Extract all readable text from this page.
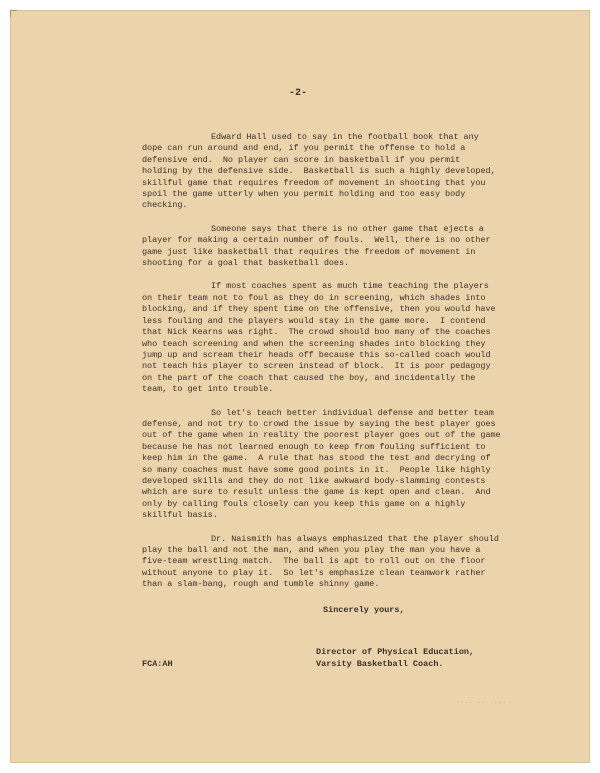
-2-
Edward Hall used to say in the football book that any
dope can run around and end, if you permit the offense to hold a
defensive end.  No player can score in basketball if you permit
holding by the defensive side.  Basketball is such a highly developed,
skillful game that requires freedom of movement in shooting that you
spoil the game utterly when you permit holding and too easy body
checking.
Someone says that there is no other game that ejects a
player for making a certain number of fouls.  Well, there is no other
game just like basketball that requires the freedom of movement in
shooting for a goal that basketball does.
If most coaches spent as much time teaching the players
on their team not to foul as they do in screening, which shades into
blocking, and if they spent time on the offensive, then you would have
less fouling and the players would stay in the game more.  I contend
that Nick Kearns was right.  The crowd should boo many of the coaches
who teach screening and when the screening shades into blocking they
jump up and scream their heads off because this so-called coach would
not teach his player to screen instead of block.  It is poor pedagogy
on the part of the coach that caused the boy, and incidentally the
team, to get into trouble.
So let's teach better individual defense and better team
defense, and not try to crowd the issue by saying the best player goes
out of the game when in reality the poorest player goes out of the game
because he has not learned enough to keep from fouling sufficient to
keep him in the game.  A rule that has stood the test and decrying of
so many coaches must have some good points in it.  People like highly
developed skills and they do not like awkward body-slamming contests
which are sure to result unless the game is kept open and clean.  And
only by calling fouls closely can you keep this game on a highly
skillful basis.
Dr. Naismith has always emphasized that the player should
play the ball and not the man, and when you play the man you have a
five-team wrestling match.  The ball is apt to roll out on the floor
without anyone to play it.  So let's emphasize clean teamwork rather
than a slam-bang, rough and tumble shinny game.
Sincerely yours,
Director of Physical Education,
Varsity Basketball Coach.
FCA:AH
.... .. ....
